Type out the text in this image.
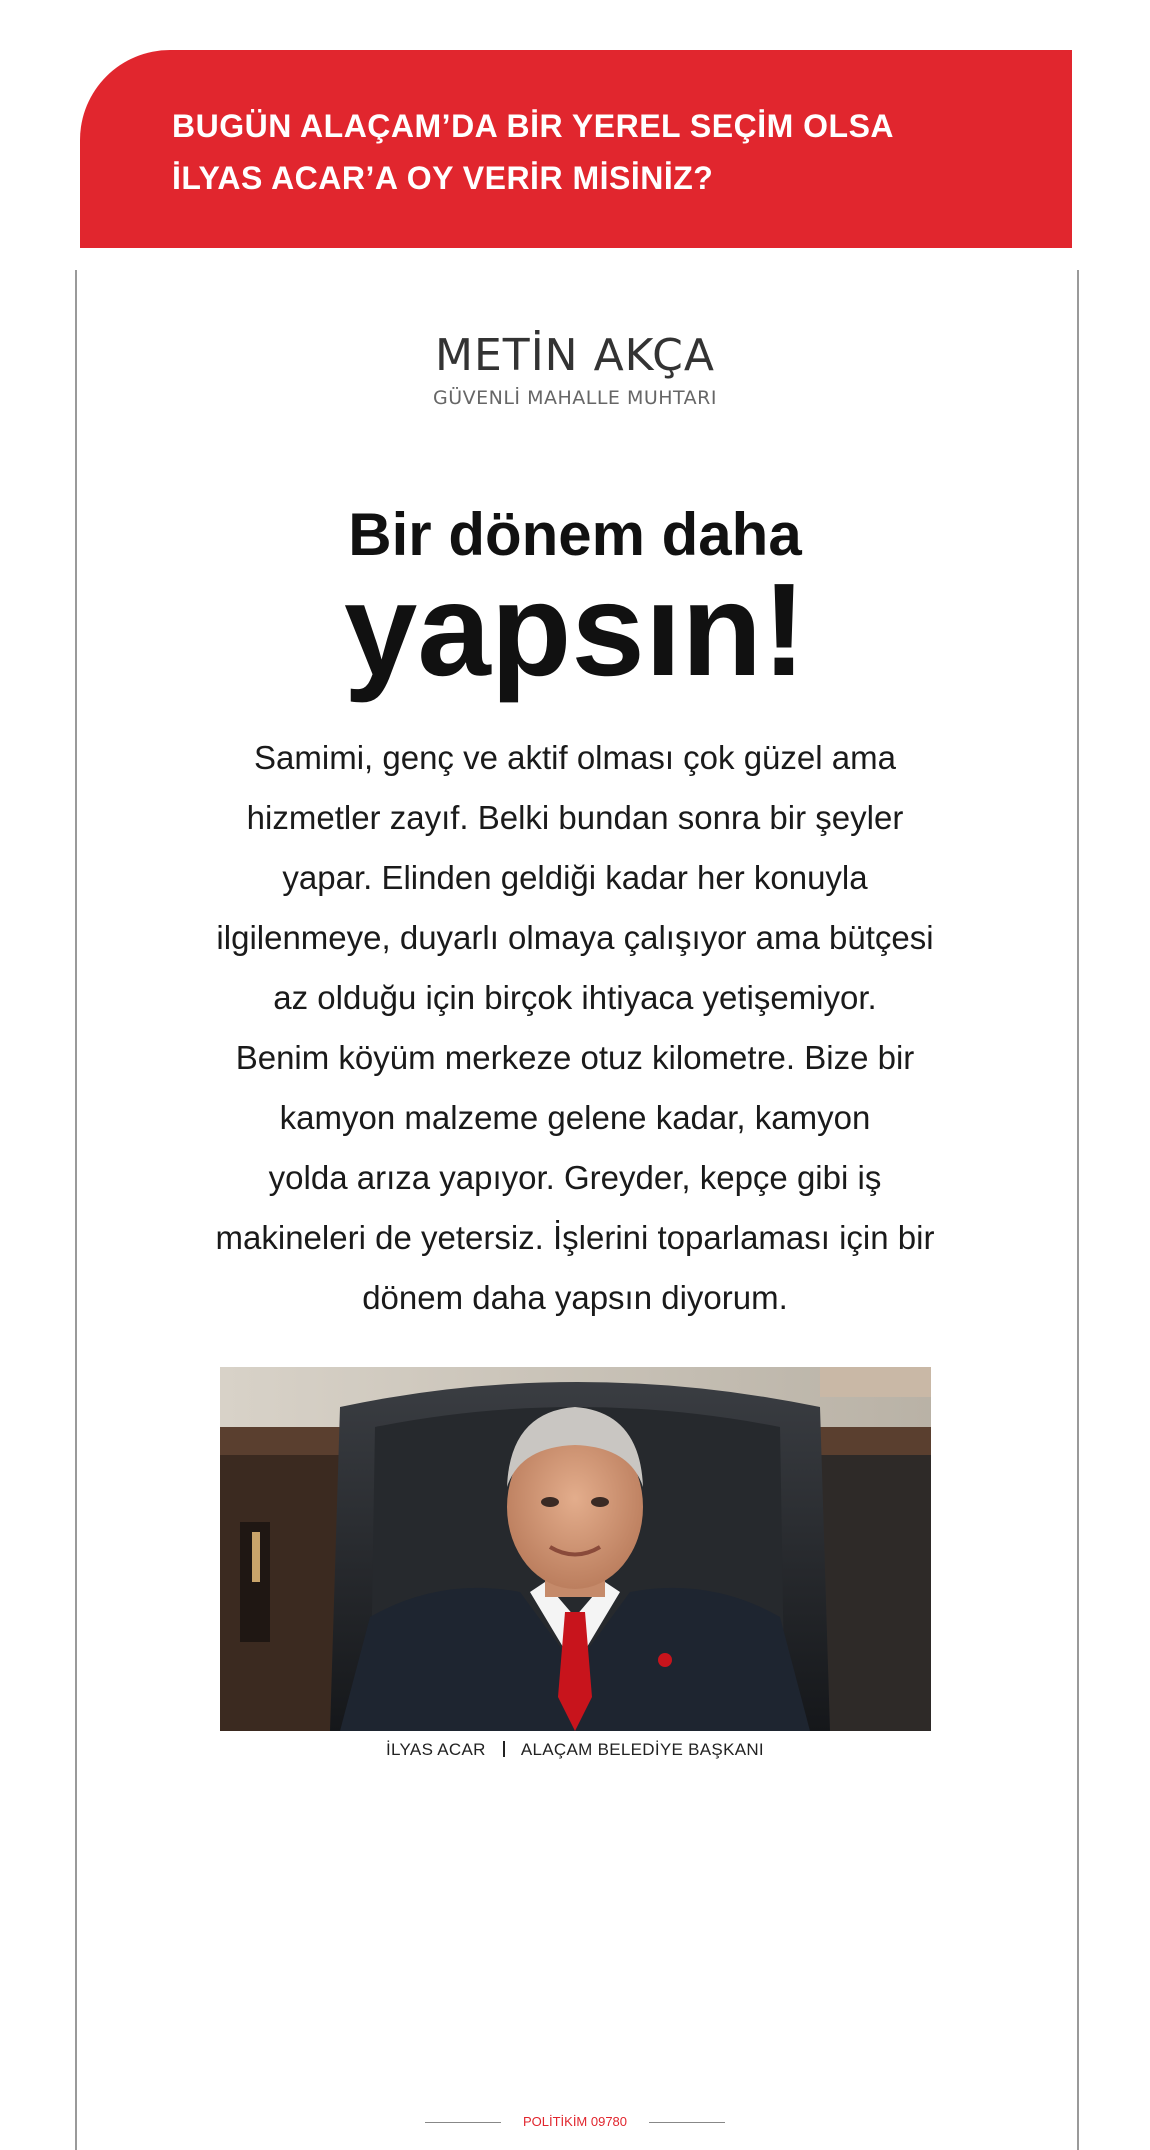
BUGÜN ALAÇAM’DA BİR YEREL SEÇİM OLSA
İLYAS ACAR’A OY VERİR MİSİNİZ?
METİN AKÇA
GÜVENLİ MAHALLE MUHTARI
Bir dönem daha
yapsın!
Samimi, genç ve aktif olması çok güzel ama
hizmetler zayıf. Belki bundan sonra bir şeyler
yapar. Elinden geldiği kadar her konuyla
ilgilenmeye, duyarlı olmaya çalışıyor ama bütçesi
az olduğu için birçok ihtiyaca yetişemiyor.
Benim köyüm merkeze otuz kilometre. Bize bir
kamyon malzeme gelene kadar, kamyon
yolda arıza yapıyor. Greyder, kepçe gibi iş
makineleri de yetersiz. İşlerini toparlaması için bir
dönem daha yapsın diyorum.
İLYAS ACAR ALAÇAM BELEDİYE BAŞKANI
POLİTİKİM 09780
